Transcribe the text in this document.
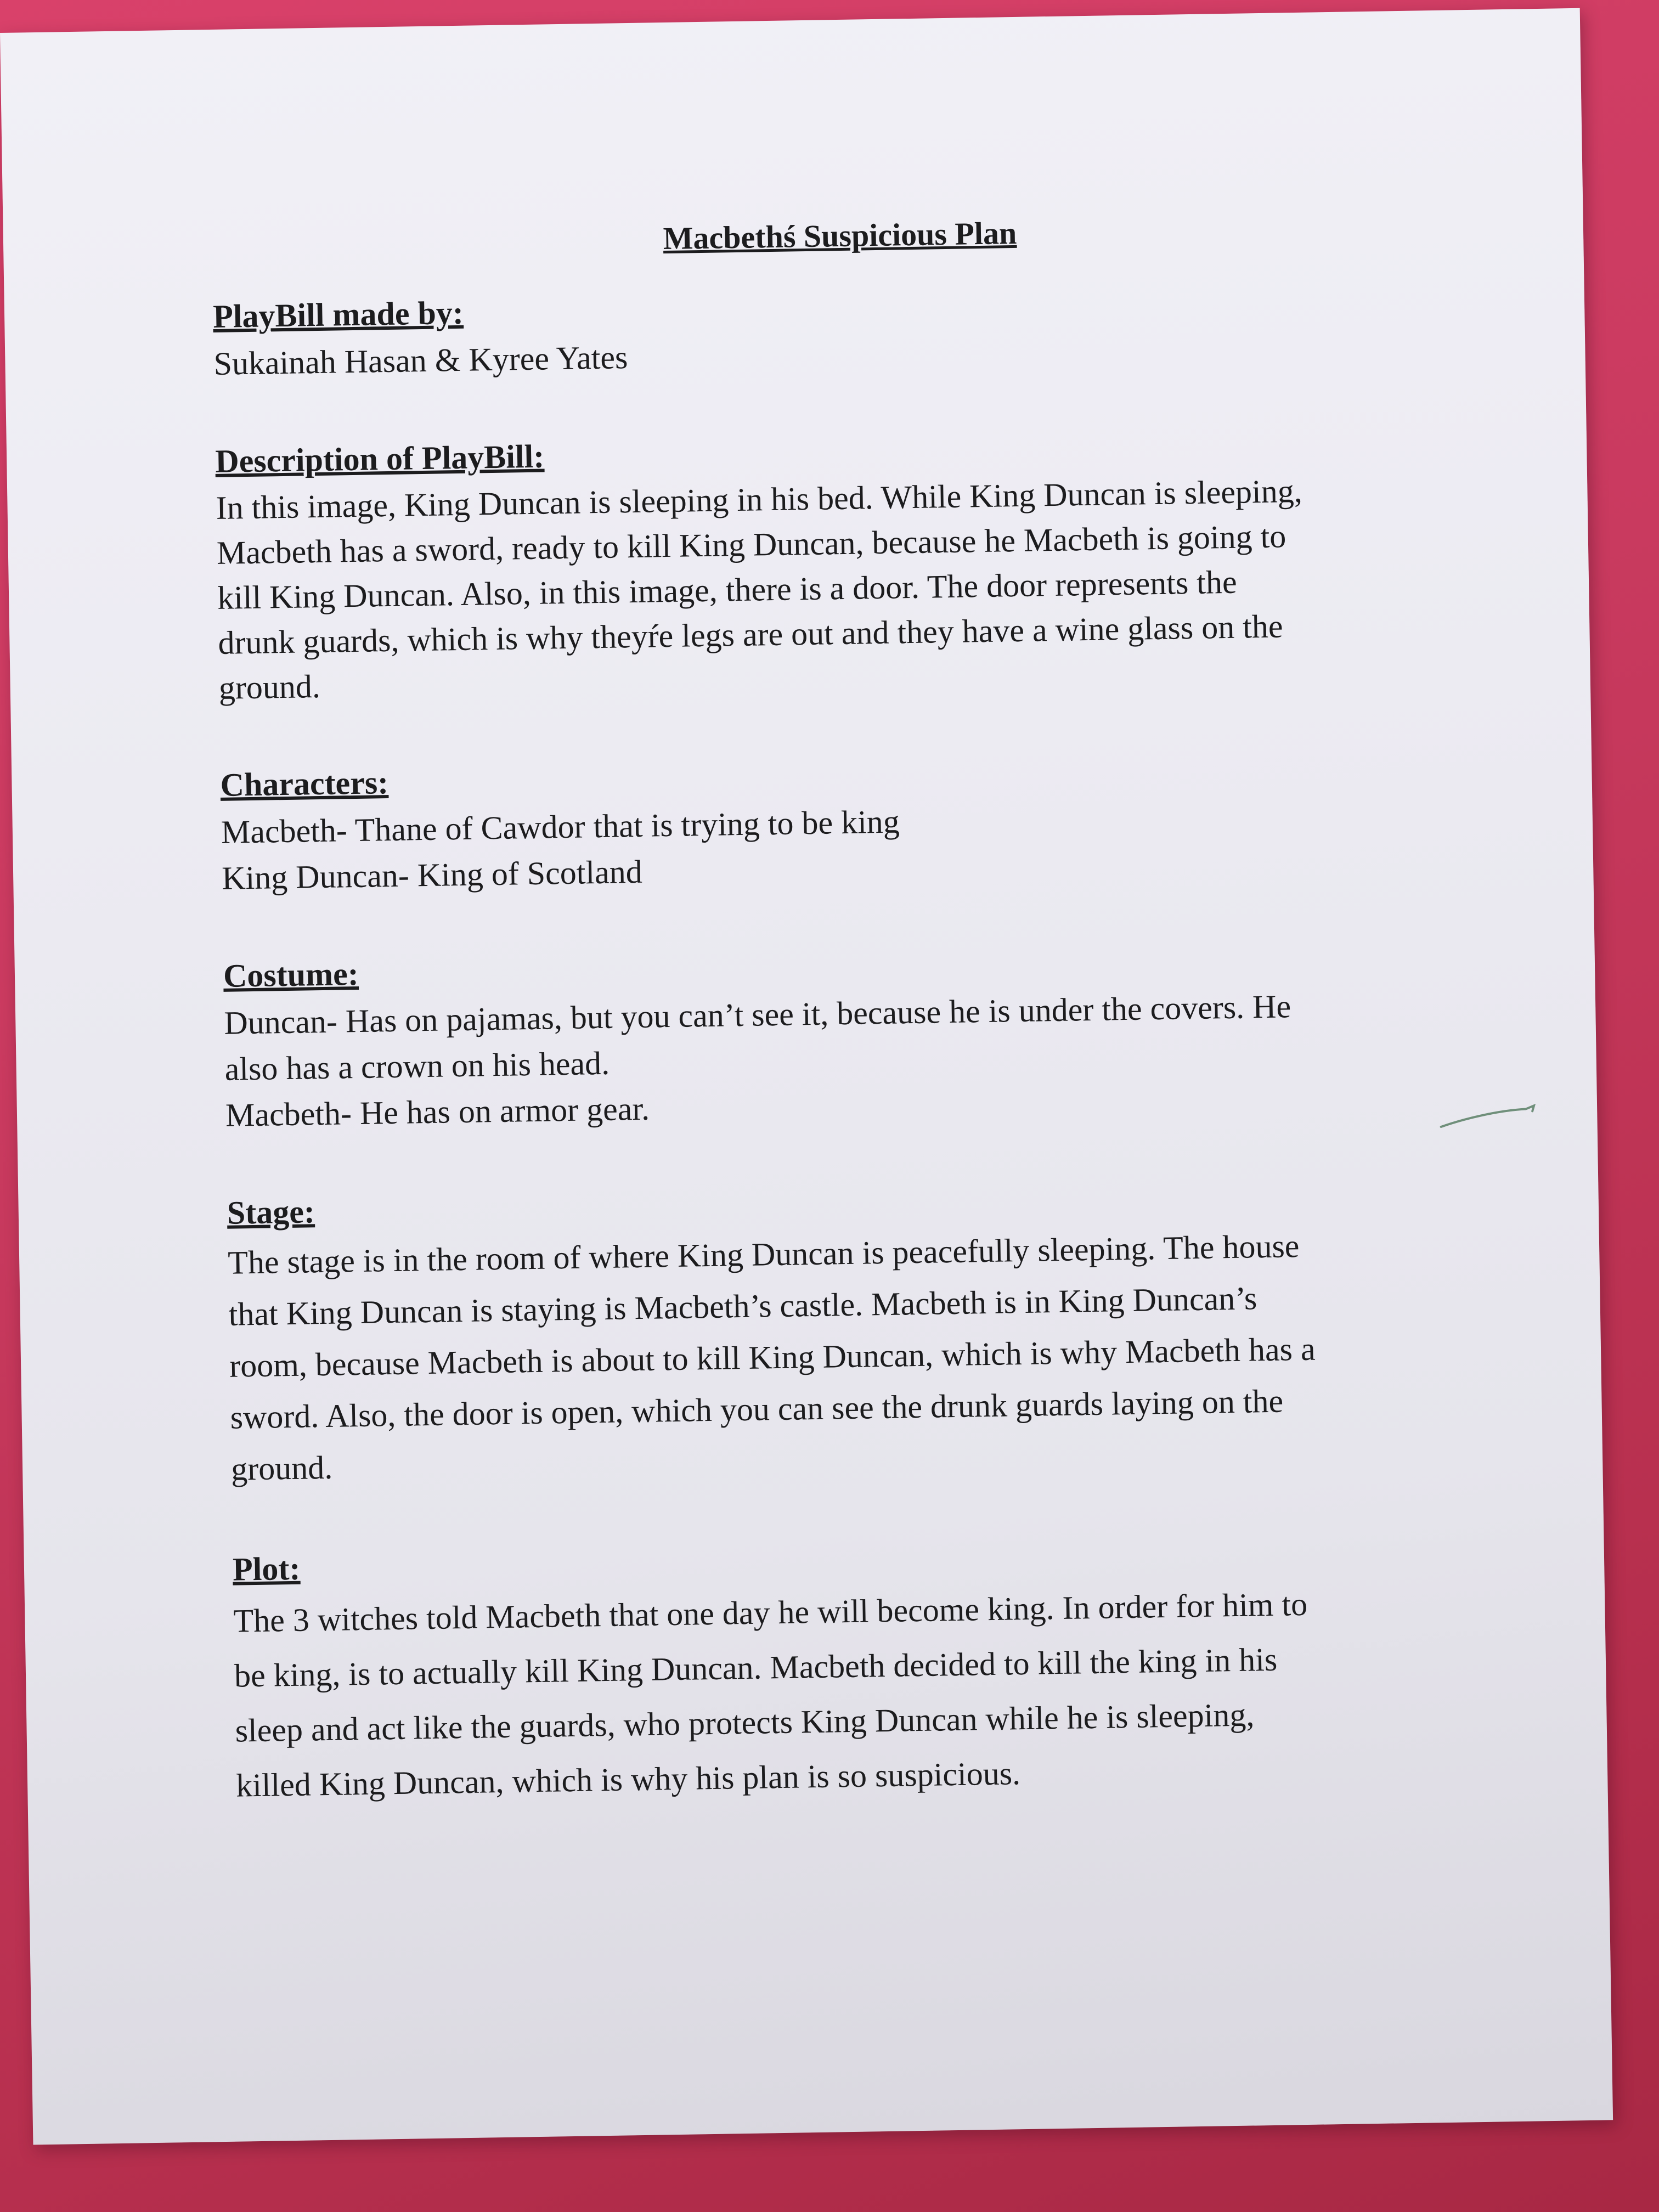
Macbethś Suspicious Plan

PlayBill made by:

Sukainah Hasan & Kyree Yates

Description of PlayBill:

In this image, King Duncan is sleeping in his bed. While King Duncan is sleeping,
Macbeth has a sword, ready to kill King Duncan, because he Macbeth is going to
kill King Duncan. Also, in this image, there is a door. The door represents the
drunk guards, which is why theyŕe legs are out and they have a wine glass on the
ground.

Characters:

Macbeth- Thane of Cawdor that is trying to be king
King Duncan- King of Scotland

Costume:

Duncan- Has on pajamas, but you can’t see it, because he is under the covers. He
also has a crown on his head.
Macbeth- He has on armor gear.

Stage:

The stage is in the room of where King Duncan is peacefully sleeping. The house
that King Duncan is staying is Macbeth’s castle. Macbeth is in King Duncan’s
room, because Macbeth is about to kill King Duncan, which is why Macbeth has a
sword. Also, the door is open, which you can see the drunk guards laying on the
ground.

Plot:

The 3 witches told Macbeth that one day he will become king. In order for him to
be king, is to actually kill King Duncan. Macbeth decided to kill the king in his
sleep and act like the guards, who protects King Duncan while he is sleeping,
killed King Duncan, which is why his plan is so suspicious.
